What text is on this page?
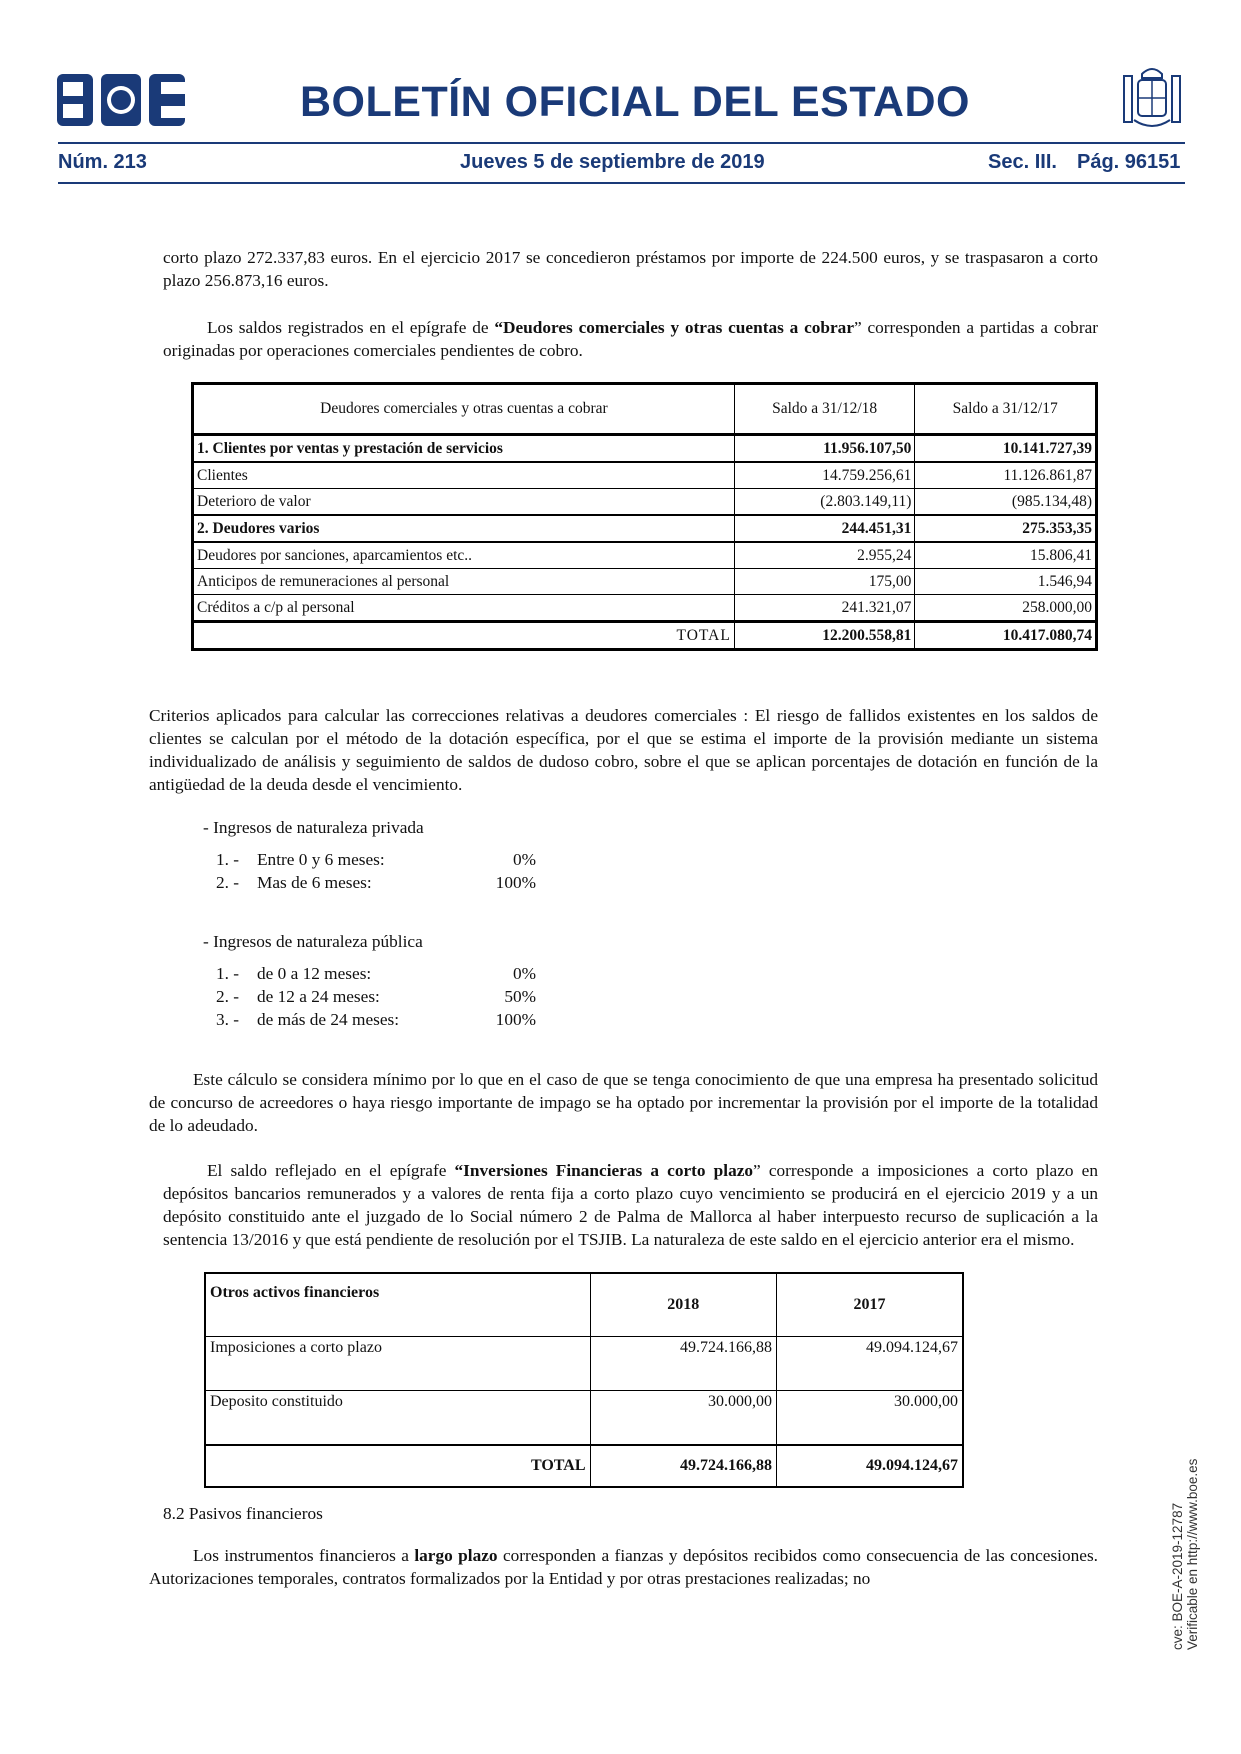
BOLETÍN OFICIAL DEL ESTADO
Núm. 213	Jueves 5 de septiembre de 2019	Sec. III. Pág. 96151
cve: BOE-A-2019-12787 Verificable en http://www.boe.es

corto plazo 272.337,83 euros. En el ejercicio 2017 se concedieron préstamos por importe de 224.500 euros, y se traspasaron a corto plazo 256.873,16 euros.

Los saldos registrados en el epígrafe de “Deudores comerciales y otras cuentas a cobrar” corresponden a partidas a cobrar originadas por operaciones comerciales pendientes de cobro.

Deudores comerciales y otras cuentas a cobrar	Saldo a 31/12/18	Saldo a 31/12/17
1. Clientes por ventas y prestación de servicios	11.956.107,50	10.141.727,39
Clientes	14.759.256,61	11.126.861,87
Deterioro de valor	(2.803.149,11)	(985.134,48)
2. Deudores varios	244.451,31	275.353,35
Deudores por sanciones, aparcamientos etc..	2.955,24	15.806,41
Anticipos de remuneraciones al personal	175,00	1.546,94
Créditos a c/p al personal	241.321,07	258.000,00
TOTAL	12.200.558,81	10.417.080,74

Criterios aplicados para calcular las correcciones relativas a deudores comerciales : El riesgo de fallidos existentes en los saldos de clientes se calculan por el método de la dotación específica, por el que se estima el importe de la provisión mediante un sistema individualizado de análisis y seguimiento de saldos de dudoso cobro, sobre el que se aplican porcentajes de dotación en función de la antigüedad de la deuda desde el vencimiento.

- Ingresos de naturaleza privada
1. - Entre 0 y 6 meses:	0%
2. - Mas de 6 meses:	100%
- Ingresos de naturaleza pública
1. - de 0 a 12 meses:	0%
2. - de 12 a 24 meses:	50%
3. - de más de 24 meses:	100%

Este cálculo se considera mínimo por lo que en el caso de que se tenga conocimiento de que una empresa ha presentado solicitud de concurso de acreedores o haya riesgo importante de impago se ha optado por incrementar la provisión por el importe de la totalidad de lo adeudado.

El saldo reflejado en el epígrafe “Inversiones Financieras a corto plazo” corresponde a imposiciones a corto plazo en depósitos bancarios remunerados y a valores de renta fija a corto plazo cuyo vencimiento se producirá en el ejercicio 2019 y a un depósito constituido ante el juzgado de lo Social número 2 de Palma de Mallorca al haber interpuesto recurso de suplicación a la sentencia 13/2016 y que está pendiente de resolución por el TSJIB. La naturaleza de este saldo en el ejercicio anterior era el mismo.

Otros activos financieros	2018	2017
Imposiciones a corto plazo	49.724.166,88	49.094.124,67
Deposito constituido	30.000,00	30.000,00
TOTAL	49.724.166,88	49.094.124,67
8.2 Pasivos financieros

Los instrumentos financieros a largo plazo corresponden a fianzas y depósitos recibidos como consecuencia de las concesiones. Autorizaciones temporales, contratos formalizados por la Entidad y por otras prestaciones realizadas; no
